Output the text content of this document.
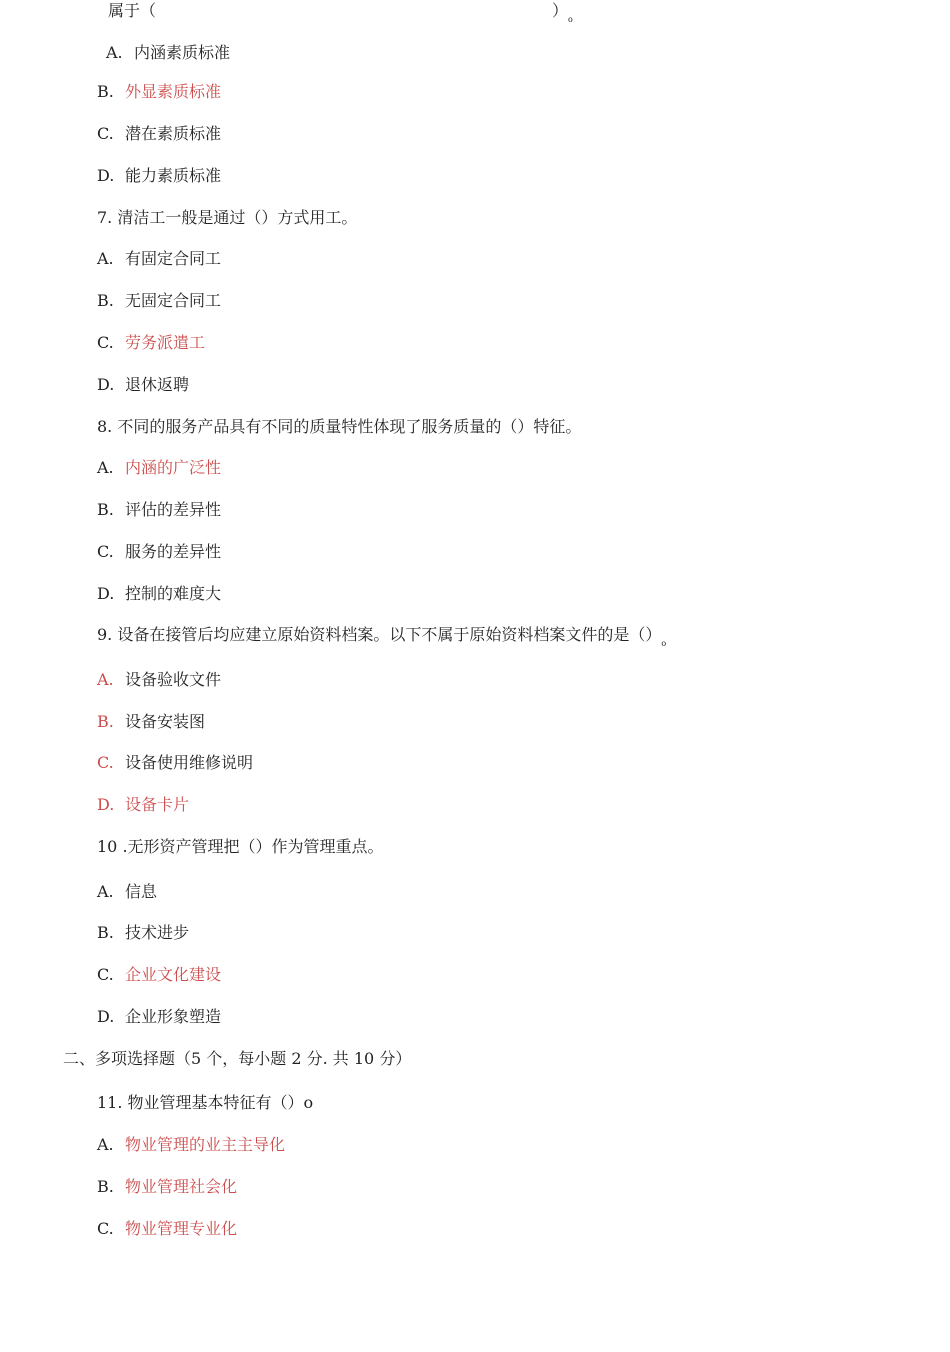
属于（	）$_o$
A. 内涵素质标准
B. 外显素质标准
C. 潜在素质标准
D. 能力素质标准
7. 清洁工一般是通过（）方式用工。
A. 有固定合同工
B. 无固定合同工
C. 劳务派遣工
D. 退休返聘
8. 不同的服务产品具有不同的质量特性体现了服务质量的（）特征。
A. 内涵的广泛性
B. 评估的差异性
C. 服务的差异性
D. 控制的难度大
9. 设备在接管后均应建立原始资料档案。以下不属于原始资料档案文件的是$()_o$
A. 设备验收文件
B. 设备安装图
C. 设备使用维修说明
D. 设备卡片
10 .无形资产管理把（）作为管理重点。
A. 信息
B. 技术进步
C. 企业文化建设
D. 企业形象塑造
二、多项选择题（5 个，每小题 2 分. 共 10 分）
11. 物业管理基本特征有（）o
A. 物业管理的业主主导化
B. 物业管理社会化
C. 物业管理专业化
